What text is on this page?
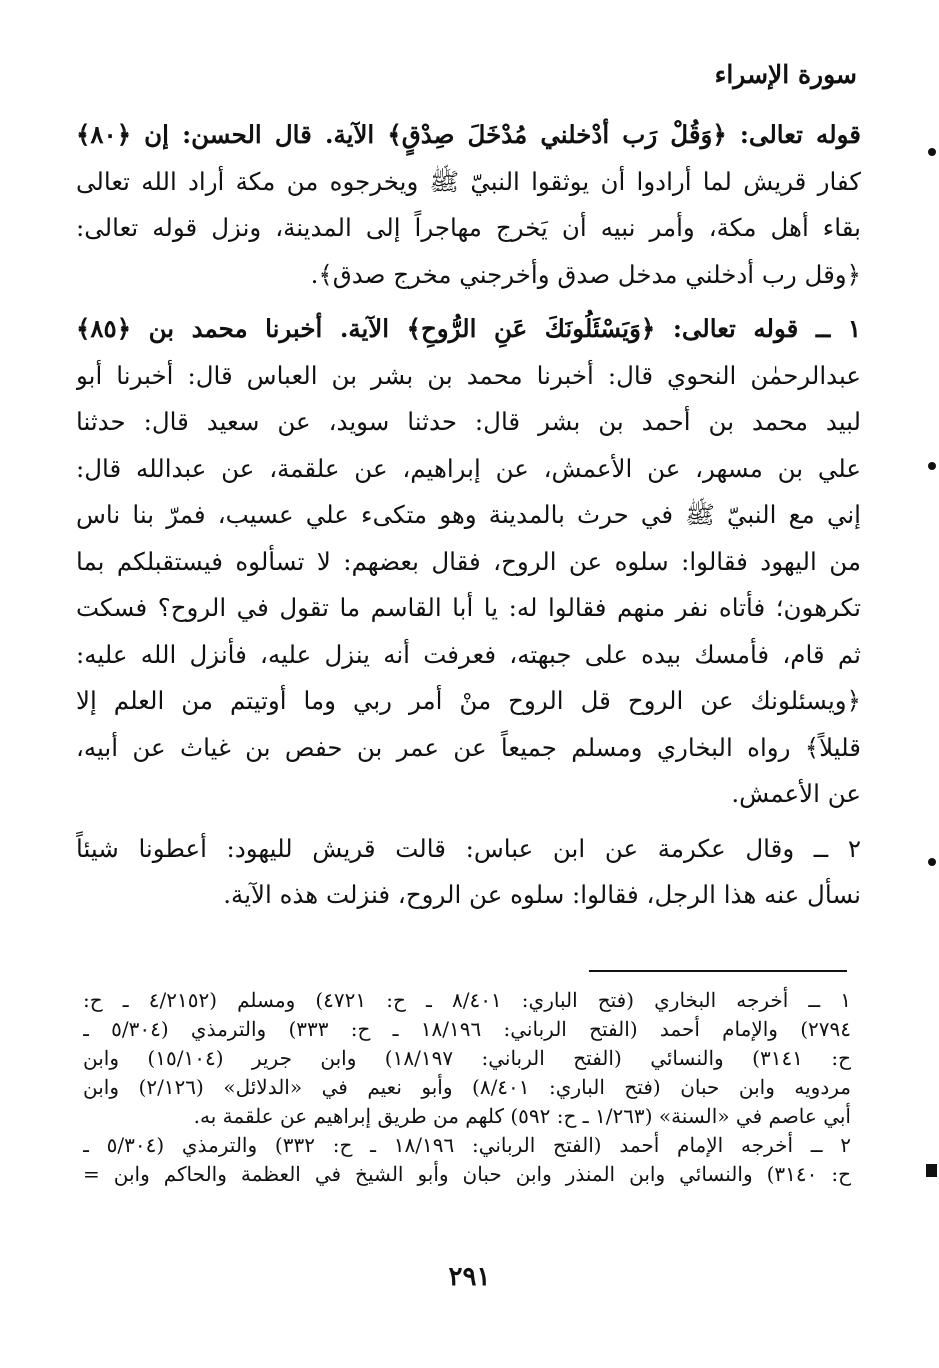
سورة الإسراء
قوله تعالى: ﴿وَقُلْ رَب أدْخلني مُدْخَلَ صِدْقٍ﴾ الآية. قال الحسن: إن ﴿٨٠﴾
كفار قريش لما أرادوا أن يوثقوا النبيّ ﷺ ويخرجوه من مكة أراد الله تعالى
بقاء أهل مكة، وأمر نبيه أن يَخرج مهاجراً إلى المدينة، ونزل قوله تعالى:
﴿وقل رب أدخلني مدخل صدق وأخرجني مخرج صدق﴾.
١ ــ قوله تعالى: ﴿وَيَسْئَلُونَكَ عَنِ الرُّوحِ﴾ الآية. أخبرنا محمد بن ﴿٨٥﴾
عبدالرحمٰن النحوي قال: أخبرنا محمد بن بشر بن العباس قال: أخبرنا أبو
لبيد محمد بن أحمد بن بشر قال: حدثنا سويد، عن سعيد قال: حدثنا
علي بن مسهر، عن الأعمش، عن إبراهيم، عن علقمة، عن عبدالله قال:
إني مع النبيّ ﷺ في حرث بالمدينة وهو متكىء علي عسيب، فمرّ بنا ناس
من اليهود فقالوا: سلوه عن الروح، فقال بعضهم: لا تسألوه فيستقبلكم بما
تكرهون؛ فأتاه نفر منهم فقالوا له: يا أبا القاسم ما تقول في الروح؟ فسكت
ثم قام، فأمسك بيده على جبهته، فعرفت أنه ينزل عليه، فأنزل الله عليه:
﴿ويسئلونك عن الروح قل الروح منْ أمر ربي وما أوتيتم من العلم إلا
قليلاً﴾ رواه البخاري ومسلم جميعاً عن عمر بن حفص بن غياث عن أبيه،
عن الأعمش.
٢ ــ وقال عكرمة عن ابن عباس: قالت قريش لليهود: أعطونا شيئاً
نسأل عنه هذا الرجل، فقالوا: سلوه عن الروح، فنزلت هذه الآية.
١ ــ أخرجه البخاري (فتح الباري: ٨/٤٠١ ـ ح: ٤٧٢١) ومسلم (٤/٢١٥٢ ـ ح:
٢٧٩٤) والإمام أحمد (الفتح الرباني: ١٨/١٩٦ ـ ح: ٣٣٣) والترمذي (٥/٣٠٤ ـ
ح: ٣١٤١) والنسائي (الفتح الرباني: ١٨/١٩٧) وابن جرير (١٥/١٠٤) وابن
مردويه وابن حبان (فتح الباري: ٨/٤٠١) وأبو نعيم في «الدلائل» (٢/١٢٦) وابن
أبي عاصم في «السنة» (١/٢٦٣ ـ ح: ٥٩٢) كلهم من طريق إبراهيم عن علقمة به.
٢ ــ أخرجه الإمام أحمد (الفتح الرباني: ١٨/١٩٦ ـ ح: ٣٣٢) والترمذي (٥/٣٠٤ ـ
ح: ٣١٤٠) والنسائي وابن المنذر وابن حبان وأبو الشيخ في العظمة والحاكم وابن =
٢٩١
